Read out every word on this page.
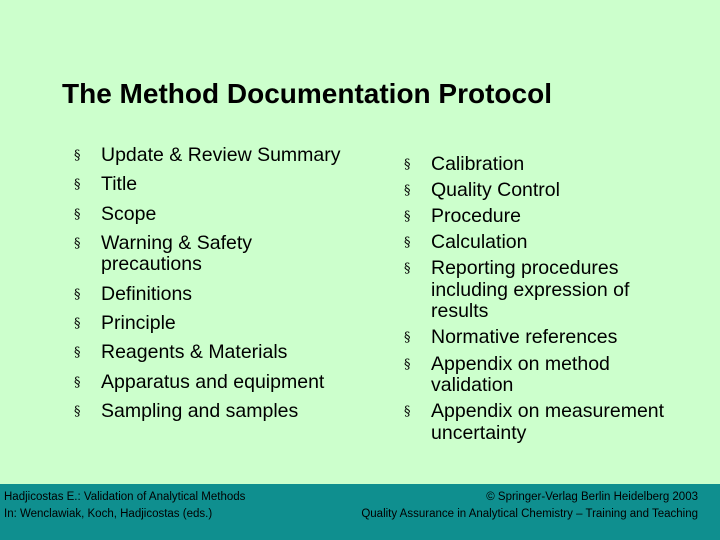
The Method Documentation Protocol
§ Update & Review Summary
§ Title
§ Scope
§ Warning & Safety precautions
§ Definitions
§ Principle
§ Reagents & Materials
§ Apparatus and equipment
§ Sampling and samples
§ Calibration
§ Quality Control
§ Procedure
§ Calculation
§ Reporting procedures including expression of results
§ Normative references
§ Appendix on method validation
§ Appendix on measurement uncertainty
Hadjicostas E.: Validation of Analytical Methods
In: Wenclawiak, Koch, Hadjicostas (eds.)
© Springer-Verlag Berlin Heidelberg 2003
Quality Assurance in Analytical Chemistry – Training and Teaching
